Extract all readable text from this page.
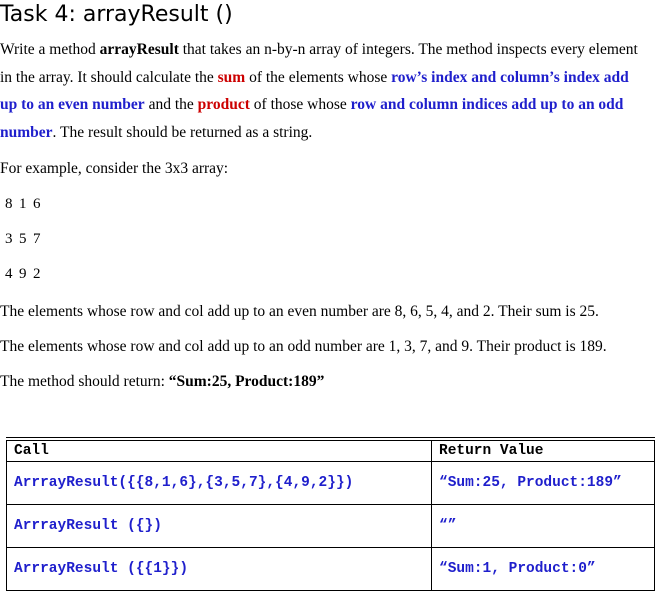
Task 4: arrayResult ()
Write a method arrayResult that takes an n-by-n array of integers. The method inspects every element in the array. It should calculate the sum of the elements whose row’s index and column’s index add up to an even number and the product of those whose row and column indices add up to an odd number. The result should be returned as a string.
For example, consider the 3x3 array:
8 1 6
3 5 7
4 9 2
The elements whose row and col add up to an even number are 8, 6, 5, 4, and 2. Their sum is 25.
The elements whose row and col add up to an odd number are 1, 3, 7, and 9. Their product is 189.
The method should return: “Sum:25, Product:189”
Call	Return Value
ArrrayResult({{8,1,6},{3,5,7},{4,9,2}})	“Sum:25, Product:189”
ArrrayResult ({})	“”
ArrrayResult ({{1}})	“Sum:1, Product:0”
